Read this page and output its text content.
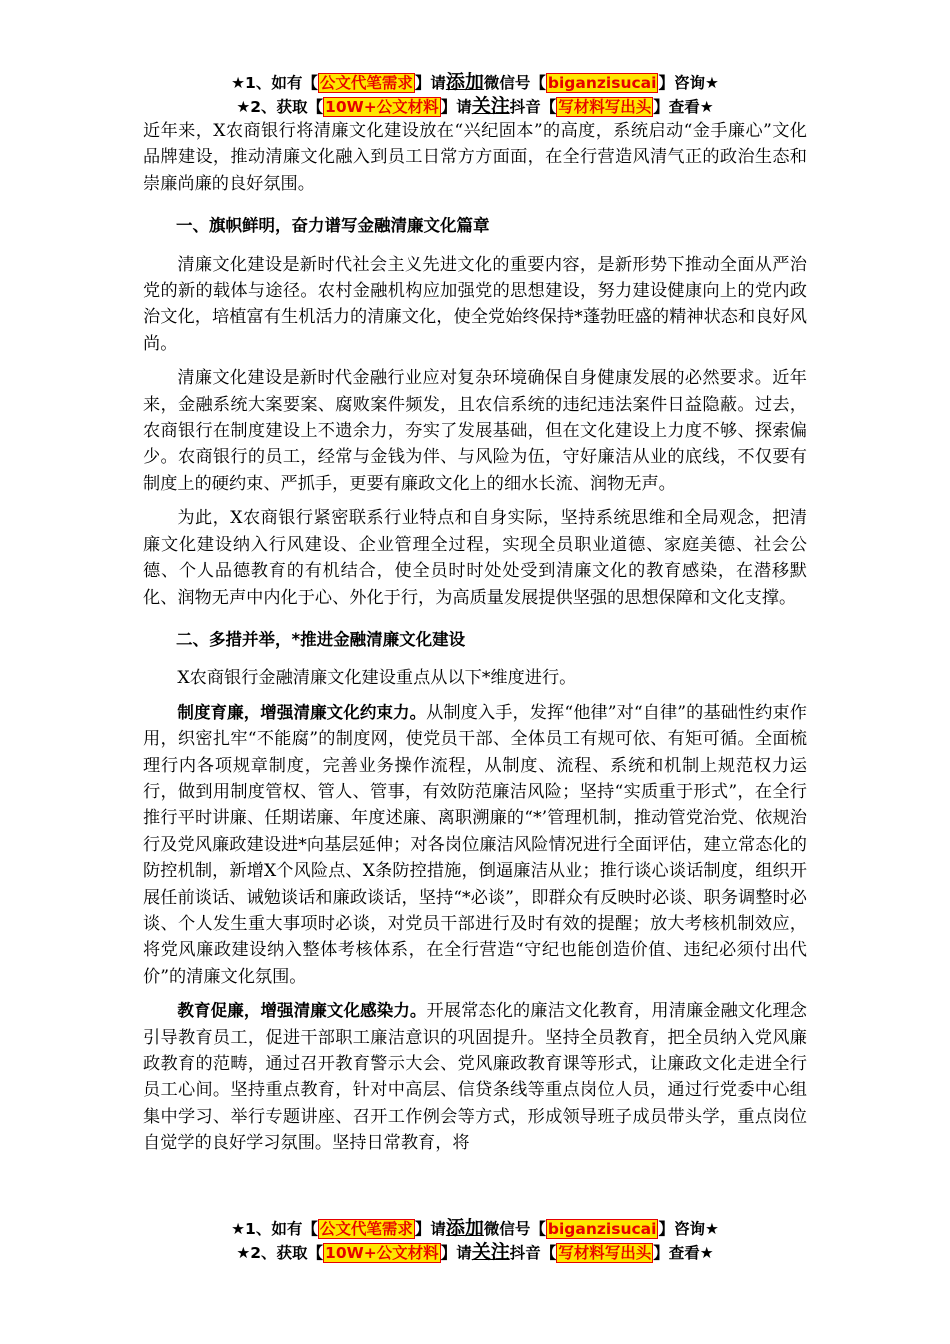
★1、如有【 公文代笔需求 】请添加微信号【 biganzisucai 】咨询★
★2、获取【 10W+公文材料 】请关注抖音【 写材料写出头 】查看★

近年来，X农商银行将清廉文化建设放在“兴纪固本”的高度，系统启动“金手廉心”文化品牌建设，推动清廉文化融入到员工日常方方面面，在全行营造风清气正的政治生态和崇廉尚廉的良好氛围。

一、旗帜鲜明，奋力谱写金融清廉文化篇章

清廉文化建设是新时代社会主义先进文化的重要内容，是新形势下推动全面从严治党的新的载体与途径。农村金融机构应加强党的思想建设，努力建设健康向上的党内政治文化，培植富有生机活力的清廉文化，使全党始终保持*蓬勃旺盛的精神状态和良好风尚。

清廉文化建设是新时代金融行业应对复杂环境确保自身健康发展的必然要求。近年来，金融系统大案要案、腐败案件频发，且农信系统的违纪违法案件日益隐蔽。过去，农商银行在制度建设上不遗余力，夯实了发展基础，但在文化建设上力度不够、探索偏少。农商银行的员工，经常与金钱为伴、与风险为伍，守好廉洁从业的底线，不仅要有制度上的硬约束、严抓手，更要有廉政文化上的细水长流、润物无声。

为此，X农商银行紧密联系行业特点和自身实际，坚持系统思维和全局观念，把清廉文化建设纳入行风建设、企业管理全过程，实现全员职业道德、家庭美德、社会公德、个人品德教育的有机结合，使全员时时处处受到清廉文化的教育感染，在潜移默化、润物无声中内化于心、外化于行，为高质量发展提供坚强的思想保障和文化支撑。

二、多措并举，*推进金融清廉文化建设

X农商银行金融清廉文化建设重点从以下*维度进行。

制度育廉，增强清廉文化约束力。从制度入手，发挥“他律”对“自律”的基础性约束作用，织密扎牢“不能腐”的制度网，使党员干部、全体员工有规可依、有矩可循。全面梳理行内各项规章制度，完善业务操作流程，从制度、流程、系统和机制上规范权力运行，做到用制度管权、管人、管事，有效防范廉洁风险；坚持“实质重于形式”，在全行推行平时讲廉、任期诺廉、年度述廉、离职溯廉的“*’管理机制，推动管党治党、依规治行及党风廉政建设进*向基层延伸；对各岗位廉洁风险情况进行全面评估，建立常态化的防控机制，新增X个风险点、X条防控措施，倒逼廉洁从业；推行谈心谈话制度，组织开展任前谈话、诫勉谈话和廉政谈话，坚持“*必谈”，即群众有反映时必谈、职务调整时必谈、个人发生重大事项时必谈，对党员干部进行及时有效的提醒；放大考核机制效应，将党风廉政建设纳入整体考核体系，在全行营造“守纪也能创造价值、违纪必须付出代价”的清廉文化氛围。

教育促廉，增强清廉文化感染力。开展常态化的廉洁文化教育，用清廉金融文化理念引导教育员工，促进干部职工廉洁意识的巩固提升。坚持全员教育，把全员纳入党风廉政教育的范畴，通过召开教育警示大会、党风廉政教育课等形式，让廉政文化走进全行员工心间。坚持重点教育，针对中高层、信贷条线等重点岗位人员，通过行党委中心组集中学习、举行专题讲座、召开工作例会等方式，形成领导班子成员带头学，重点岗位自觉学的良好学习氛围。坚持日常教育，将

★1、如有【 公文代笔需求 】请添加微信号【 biganzisucai 】咨询★
★2、获取【 10W+公文材料 】请关注抖音【 写材料写出头 】查看★
